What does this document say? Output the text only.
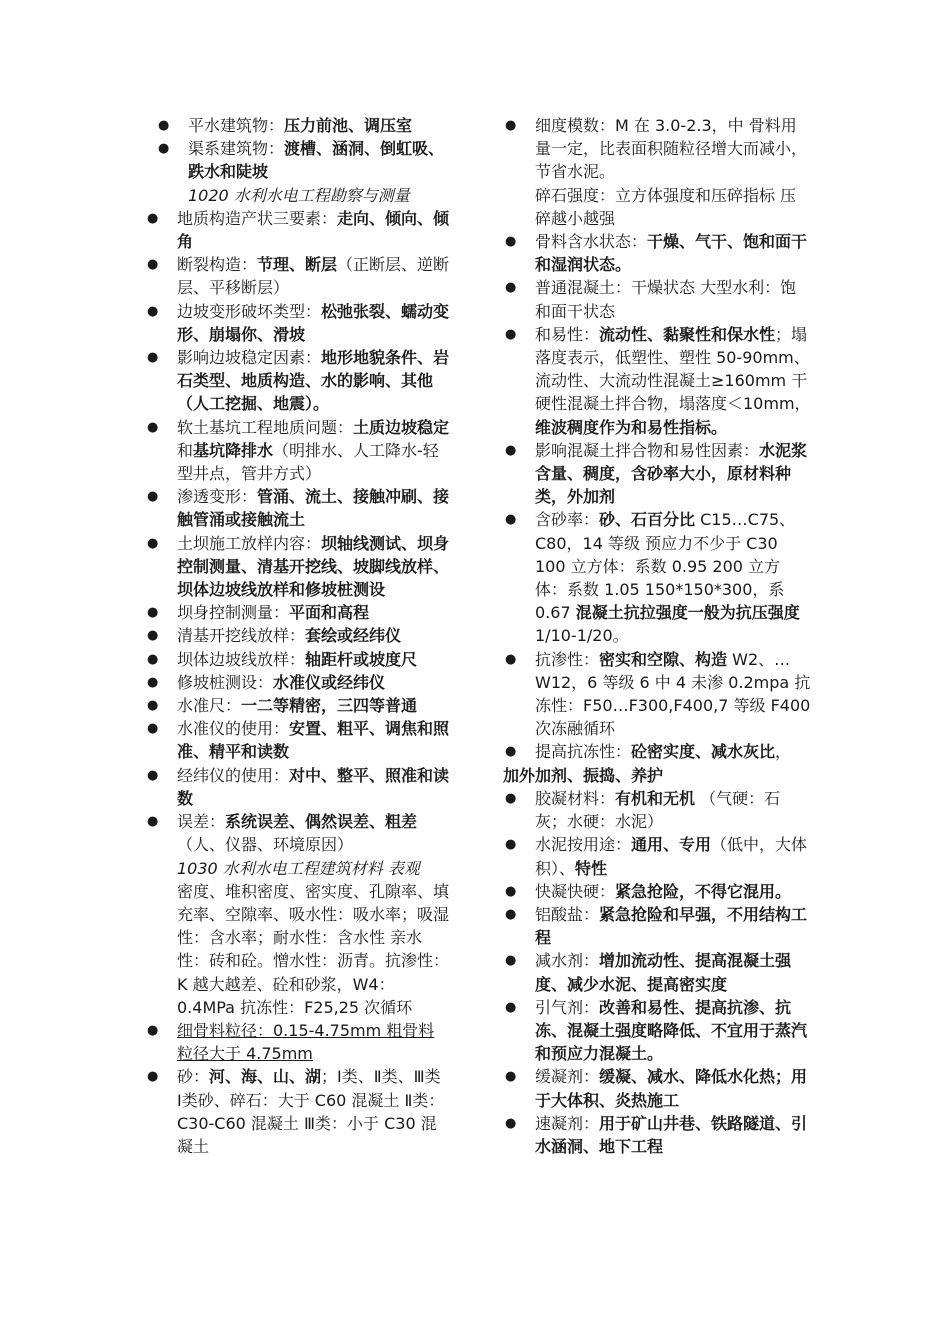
●
平水建筑物：压力前池、调压室
●
渠系建筑物：渡槽、涵洞、倒虹吸、跌水和陡坡
1020 水利水电工程勘察与测量
●
地质构造产状三要素：走向、倾向、倾角
●
断裂构造：节理、断层（正断层、逆断层、平移断层）
●
边坡变形破坏类型：松弛张裂、蠕动变形、崩塌你、滑坡
●
影响边坡稳定因素：地形地貌条件、岩石类型、地质构造、水的影响、其他（人工挖掘、地震）。
●
软土基坑工程地质问题：土质边坡稳定和基坑降排水（明排水、人工降水-轻型井点，管井方式）
●
渗透变形：管涌、流土、接触冲刷、接触管涌或接触流土
●
土坝施工放样内容：坝轴线测试、坝身控制测量、清基开挖线、坡脚线放样、坝体边坡线放样和修坡桩测设
●
坝身控制测量：平面和高程
●
清基开挖线放样：套绘或经纬仪
●
坝体边坡线放样：轴距杆或坡度尺
●
修坡桩测设：水准仪或经纬仪
●
水准尺：一二等精密，三四等普通
●
水准仪的使用：安置、粗平、调焦和照准、精平和读数
●
经纬仪的使用：对中、整平、照准和读数
●
误差：系统误差、偶然误差、粗差（人、仪器、环境原因）
1030 水利水电工程建筑材料 表观
密度、堆积密度、密实度、孔隙率、填充率、空隙率、吸水性：吸水率；吸湿性：含水率；耐水性：含水性 亲水性：砖和砼。憎水性：沥青。抗渗性：K 越大越差、砼和砂浆，W4：0.4MPa 抗冻性：F25,25 次循环
●
细骨料粒径：0.15-4.75mm 粗骨料粒径大于 4.75mm
●
砂：河、海、山、湖；Ⅰ类、Ⅱ类、Ⅲ类 Ⅰ类砂、碎石：大于 C60 混凝土 Ⅱ类：C30-C60 混凝土 Ⅲ类：小于 C30 混凝土
●
细度模数：M 在 3.0-2.3，中 骨料用量一定，比表面积随粒径增大而减小，节省水泥。
碎石强度：立方体强度和压碎指标 压碎越小越强
●
骨料含水状态：干燥、气干、饱和面干和湿润状态。
●
普通混凝土：干燥状态 大型水利：饱和面干状态
●
和易性：流动性、黏聚性和保水性；塌落度表示，低塑性、塑性 50-90mm、流动性、大流动性混凝土≥160mm 干硬性混凝土拌合物，塌落度＜10mm，维波稠度作为和易性指标。
●
影响混凝土拌合物和易性因素：水泥浆含量、稠度，含砂率大小，原材料种类，外加剂
●
含砂率：砂、石百分比 C15…C75、C80，14 等级 预应力不少于 C30 100 立方体：系数 0.95 200 立方体：系数 1.05 150*150*300，系 0.67 混凝土抗拉强度一般为抗压强度 1/10-1/20。
●
抗渗性：密实和空隙、构造 W2、…W12，6 等级 6 中 4 未渗 0.2mpa 抗冻性：F50…F300,F400,7 等级 F400 次冻融循环
●
提高抗冻性：砼密实度、减水灰比，
加外加剂、振捣、养护
●
胶凝材料：有机和无机 （气硬：石灰；水硬：水泥）
●
水泥按用途：通用、专用（低中，大体积）、特性
●
快凝快硬：紧急抢险，不得它混用。
●
铝酸盐：紧急抢险和早强，不用结构工程
●
减水剂：增加流动性、提高混凝土强度、减少水泥、提高密实度
●
引气剂：改善和易性、提高抗渗、抗冻、混凝土强度略降低、不宜用于蒸汽和预应力混凝土。
●
缓凝剂：缓凝、减水、降低水化热；用于大体积、炎热施工
●
速凝剂：用于矿山井巷、铁路隧道、引水涵洞、地下工程
